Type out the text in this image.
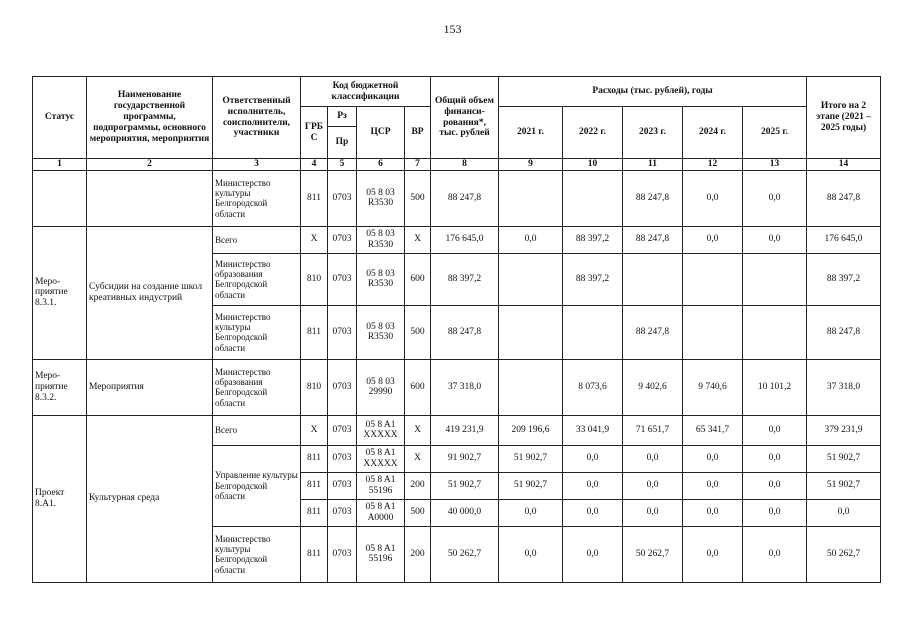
153
Статус	Наименование государственной программы, подпрограммы, основного мероприятия, мероприятия	Ответственный исполнитель, соисполнители, участники	Код бюджетной классификации				Общий объем финанси-рования*, тыс. рублей	Расходы (тыс. рублей), годы					Итого на 2 этапе (2021 – 2025 годы)
			ГРБ С	Рз	ЦСР	ВР		2021 г.	2022 г.	2023 г.	2024 г.	2025 г.	
				Пр									
1	2	3	4	5	6	7	8	9	10	11	12	13	14
		Министерство культуры Белгородской области	811	0703	05 8 03 R3530	500	88 247,8			88 247,8	0,0	0,0	88 247,8
Меро-приятие 8.3.1.	Субсидии на создание школ креативных индустрий	Всего	X	0703	05 8 03 R3530	X	176 645,0	0,0	88 397,2	88 247,8	0,0	0,0	176 645,0
		Министерство образования Белгородской области	810	0703	05 8 03 R3530	600	88 397,2		88 397,2				88 397,2
		Министерство культуры Белгородской области	811	0703	05 8 03 R3530	500	88 247,8			88 247,8			88 247,8
Меро-приятие 8.3.2.	Мероприятия	Министерство образования Белгородской области	810	0703	05 8 03 29990	600	37 318,0		8 073,6	9 402,6	9 740,6	10 101,2	37 318,0
Проект 8.А1.	Культурная среда	Всего	X	0703	05 8 A1 XXXXX	X	419 231,9	209 196,6	33 041,9	71 651,7	65 341,7	0,0	379 231,9
		Управление культуры Белгородской области	811	0703	05 8 A1 XXXXX	X	91 902,7	51 902,7	0,0	0,0	0,0	0,0	51 902,7
			811	0703	05 8 A1 55196	200	51 902,7	51 902,7	0,0	0,0	0,0	0,0	51 902,7
			811	0703	05 8 A1 A0000	500	40 000,0	0,0	0,0	0,0	0,0	0,0	0,0
		Министерство культуры Белгородской области	811	0703	05 8 A1 55196	200	50 262,7	0,0	0,0	50 262,7	0,0	0,0	50 262,7
